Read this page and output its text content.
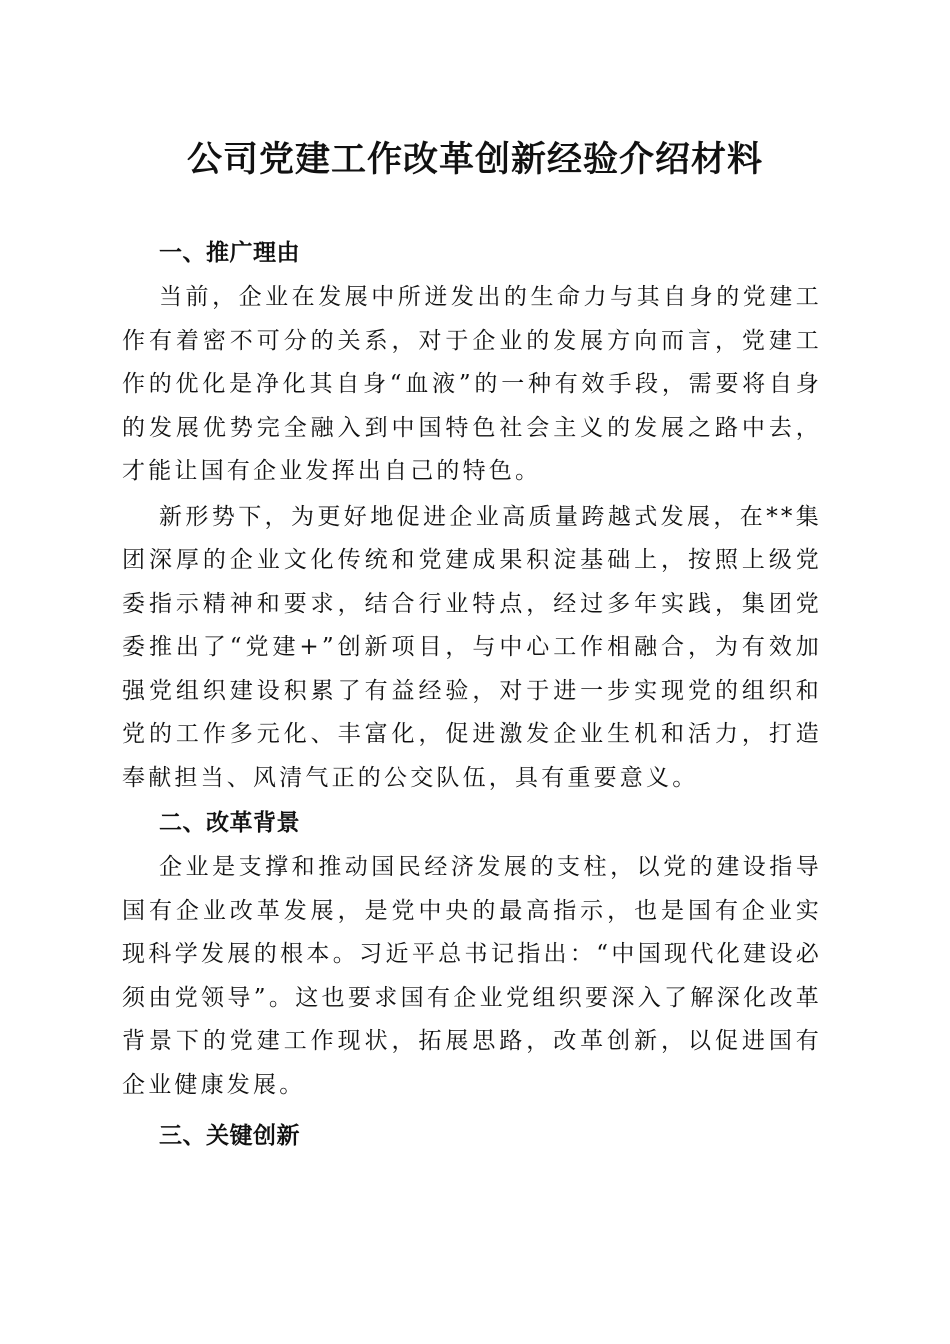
公司党建工作改革创新经验介绍材料
一、推广理由

当前，企业在发展中所迸发出的生命力与其自身的党建工作有着密不可分的关系，对于企业的发展方向而言，党建工作的优化是净化其自身“血液”的一种有效手段，需要将自身的发展优势完全融入到中国特色社会主义的发展之路中去，才能让国有企业发挥出自己的特色。

新形势下，为更好地促进企业高质量跨越式发展，在**集团深厚的企业文化传统和党建成果积淀基础上，按照上级党委指示精神和要求，结合行业特点，经过多年实践，集团党委推出了“党建+”创新项目，与中心工作相融合，为有效加强党组织建设积累了有益经验，对于进一步实现党的组织和党的工作多元化、丰富化，促进激发企业生机和活力，打造奉献担当、风清气正的公交队伍，具有重要意义。

二、改革背景

企业是支撑和推动国民经济发展的支柱，以党的建设指导国有企业改革发展，是党中央的最高指示，也是国有企业实现科学发展的根本。习近平总书记指出：“中国现代化建设必须由党领导”。这也要求国有企业党组织要深入了解深化改革背景下的党建工作现状，拓展思路，改革创新，以促进国有企业健康发展。

三、关键创新
